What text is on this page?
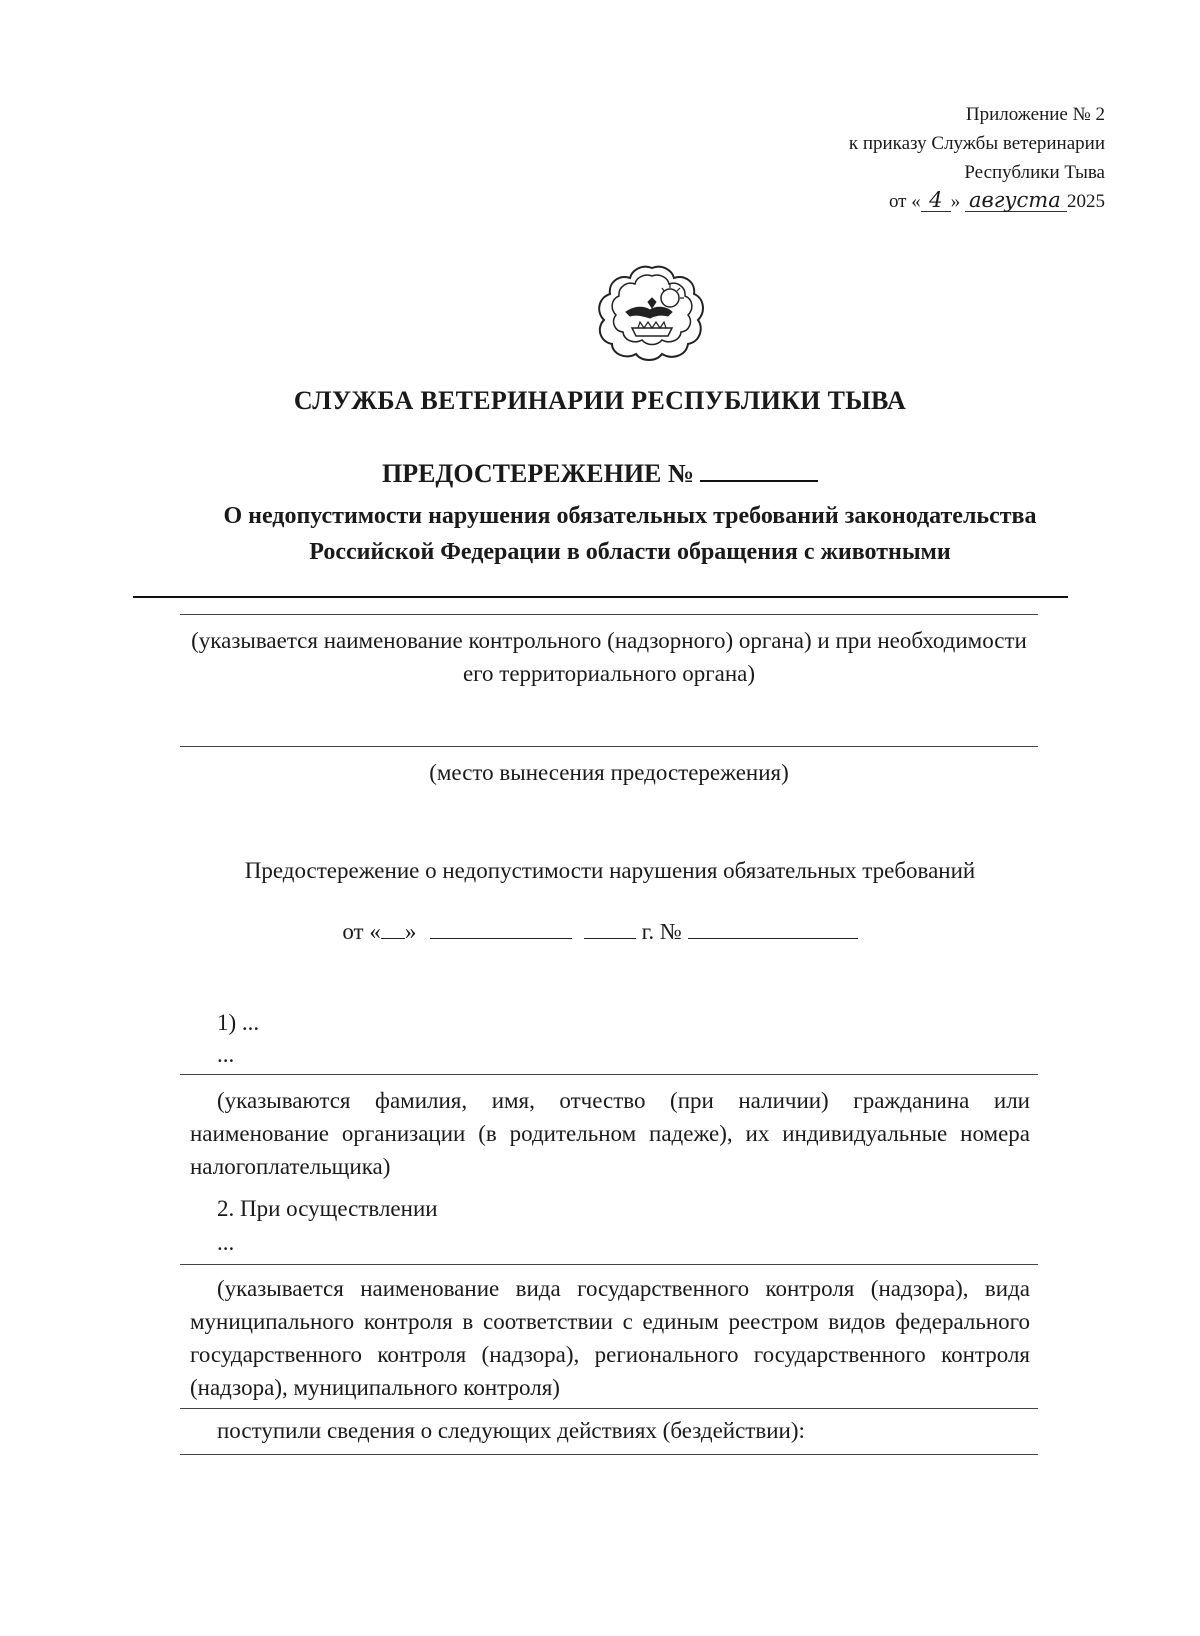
Приложение № 2
к приказу Службы ветеринарии
Республики Тыва
от « 4 » августа 2025
СЛУЖБА ВЕТЕРИНАРИИ РЕСПУБЛИКИ ТЫВА
ПРЕДОСТЕРЕЖЕНИЕ №
О недопустимости нарушения обязательных требований законодательства Российской Федерации в области обращения с животными
(указывается наименование контрольного (надзорного) органа) и при необходимости его территориального органа)
(место вынесения предостережения)
Предостережение о недопустимости нарушения обязательных требований
от « »	г. №
1) ...
...
(указываются фамилия, имя, отчество (при наличии) гражданина или наименование организации (в родительном падеже), их индивидуальные номера налогоплательщика)
2. При осуществлении
...
(указывается наименование вида государственного контроля (надзора), вида муниципального контроля в соответствии с единым реестром видов федерального государственного контроля (надзора), регионального государственного контроля (надзора), муниципального контроля)
поступили сведения о следующих действиях (бездействии):
